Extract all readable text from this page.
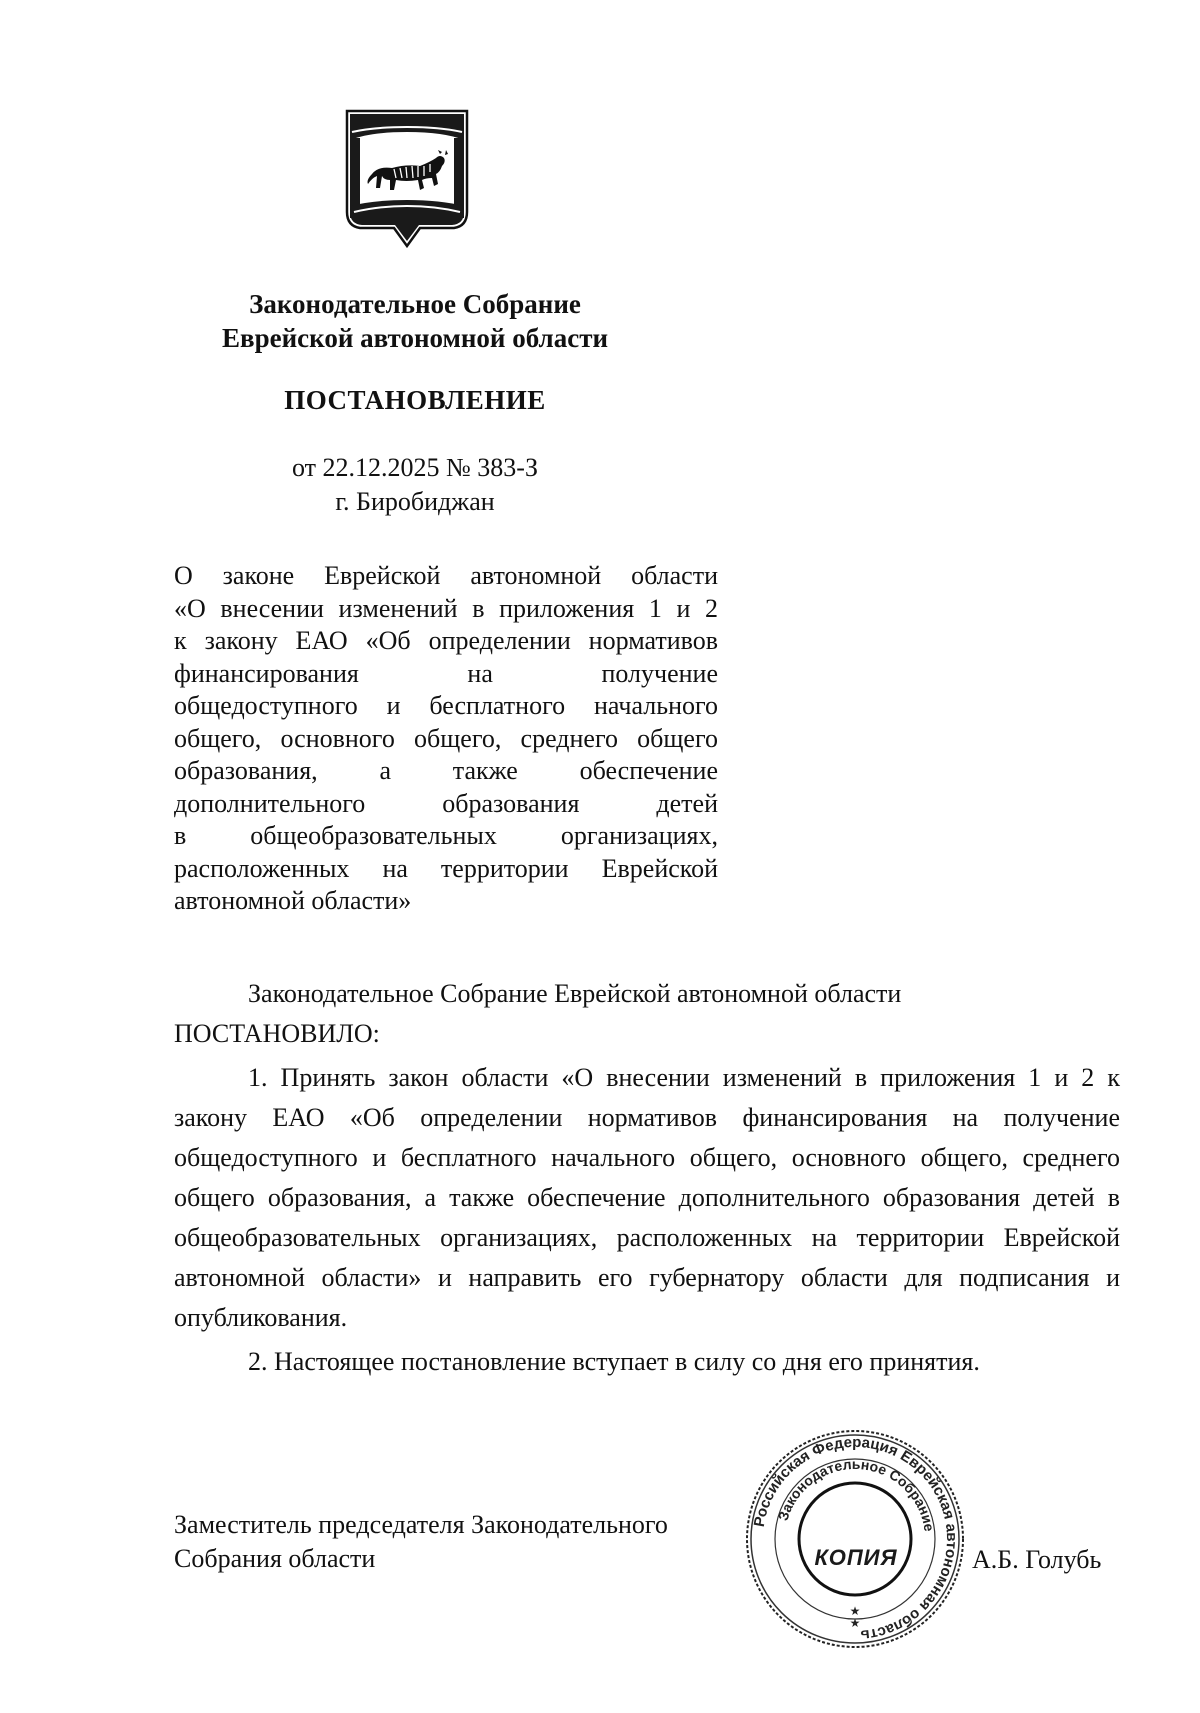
Законодательное Собрание
Еврейской автономной области
ПОСТАНОВЛЕНИЕ
от 22.12.2025 № 383-З
г. Биробиджан
О законе Еврейской автономной области
«О внесении изменений в приложения 1 и 2
к закону ЕАО «Об определении нормативов
финансирования на получение
общедоступного и бесплатного начального
общего, основного общего, среднего общего
образования, а также обеспечение
дополнительного образования детей
в общеобразовательных организациях,
расположенных на территории Еврейской
автономной области»

Законодательное Собрание Еврейской автономной области

ПОСТАНОВИЛО:

1. Принять закон области «О внесении изменений в приложения 1 и 2 к закону ЕАО «Об определении нормативов финансирования на получение общедоступного и бесплатного начального общего, основного общего, среднего общего образования, а также обеспечение дополнительного образования детей в общеобразовательных организациях, расположенных на территории Еврейской автономной области» и направить его губернатору области для подписания и опубликования.

2. Настоящее постановление вступает в силу со дня его принятия.

Российская Федерация Еврейская автономная область
Законодательное Собрание
★
★
КОПИЯ
Заместитель председателя Законодательного
Собрания области	А.Б. Голубь
